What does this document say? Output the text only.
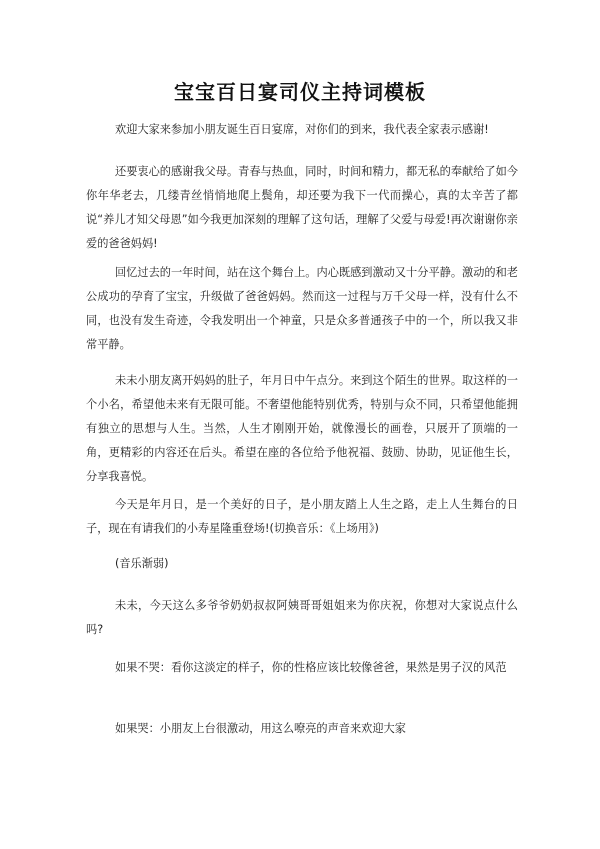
宝宝百日宴司仪主持词模板
欢迎大家来参加小朋友诞生百日宴席，对你们的到来，我代表全家表示感谢!
还要衷心的感谢我父母。青春与热血，同时，时间和精力，都无私的奉献给了如今你年华老去，几缕青丝悄悄地爬上鬓角，却还要为我下一代而操心，真的太辛苦了都说“养儿才知父母恩”如今我更加深刻的理解了这句话，理解了父爱与母爱!再次谢谢你亲爱的爸爸妈妈!
回忆过去的一年时间，站在这个舞台上。内心既感到激动又十分平静。激动的和老公成功的孕育了宝宝，升级做了爸爸妈妈。然而这一过程与万千父母一样，没有什么不同，也没有发生奇迹，令我发明出一个神童，只是众多普通孩子中的一个，所以我又非常平静。
未未小朋友离开妈妈的肚子，年月日中午点分。来到这个陌生的世界。取这样的一个小名，希望他未来有无限可能。不奢望他能特别优秀，特别与众不同，只希望他能拥有独立的思想与人生。当然，人生才刚刚开始，就像漫长的画卷，只展开了顶端的一角，更精彩的内容还在后头。希望在座的各位给予他祝福、鼓励、协助，见证他生长，分享我喜悦。
今天是年月日，是一个美好的日子，是小朋友踏上人生之路，走上人生舞台的日子，现在有请我们的小寿星隆重登场!(切换音乐：《上场用》)
(音乐渐弱)
未未，今天这么多爷爷奶奶叔叔阿姨哥哥姐姐来为你庆祝，你想对大家说点什么吗?
如果不哭：看你这淡定的样子，你的性格应该比较像爸爸，果然是男子汉的风范
如果哭：小朋友上台很激动，用这么嘹亮的声音来欢迎大家
